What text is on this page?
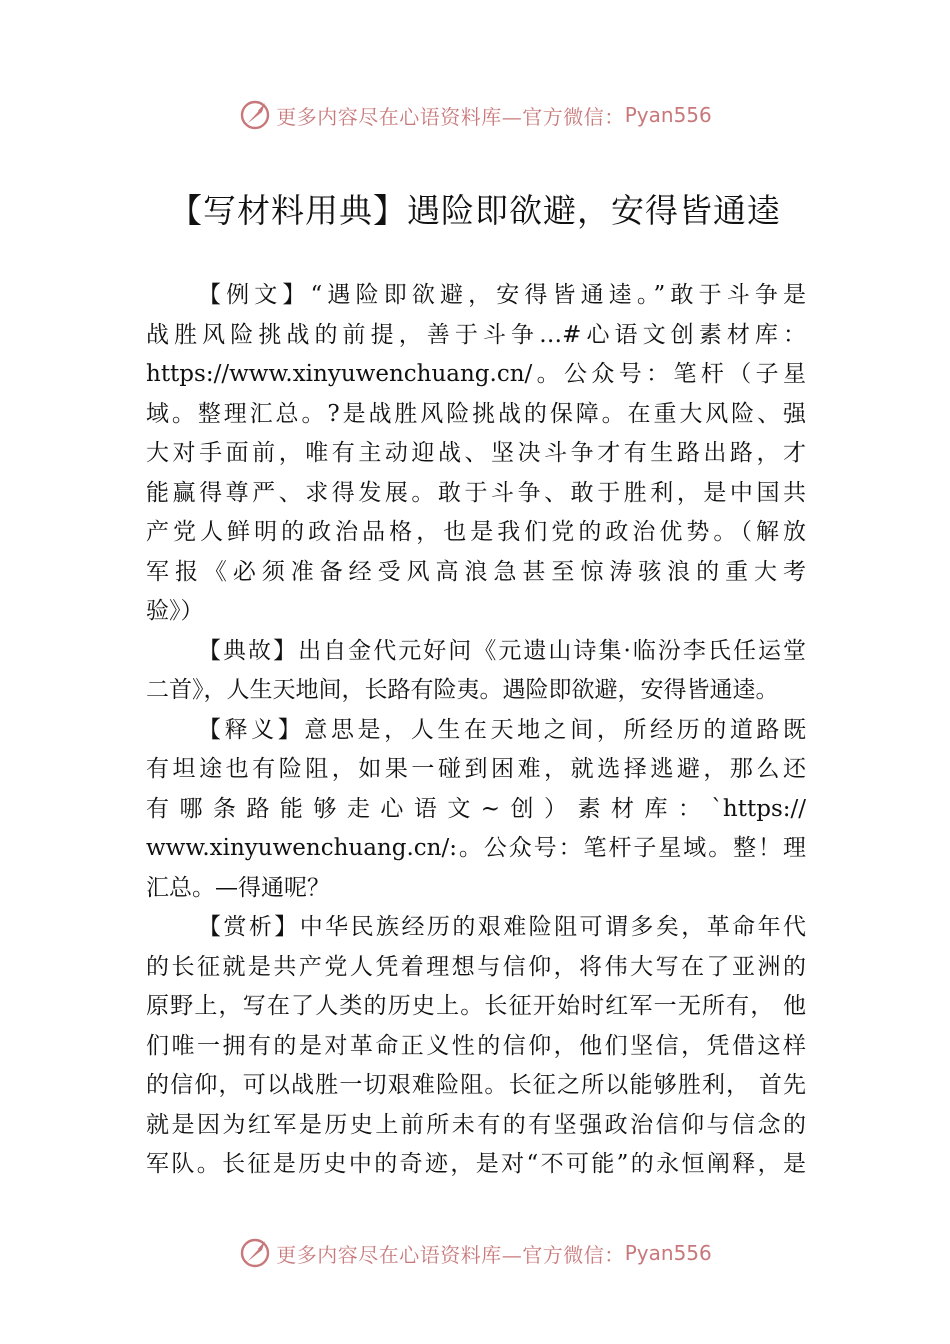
更多内容尽在心语资料库—官方微信： Pyan556
【写材料用典】遇险即欲避，安得皆通逵
【例文】“遇险即欲避，安得皆通逵。”敢于斗争是
战胜风险挑战的前提，善于斗争…#心语文创素材库：
https://www.xinyuwenchuang.cn/。公众号：笔杆（子星
域。整理汇总。?是战胜风险挑战的保障。在重大风险、强
大对手面前，唯有主动迎战、坚决斗争才有生路出路，才
能赢得尊严、求得发展。敢于斗争、敢于胜利，是中国共
产党人鲜明的政治品格，也是我们党的政治优势。（解放
军报《必须准备经受风高浪急甚至惊涛骇浪的重大考
验》）
【典故】出自金代元好问《元遗山诗集·临汾李氏任运堂
二首》，人生天地间，长路有险夷。遇险即欲避，安得皆通逵。
【释义】意思是，人生在天地之间，所经历的道路既
有坦途也有险阻，如果一碰到困难，就选择逃避，那么还
有哪条路能够走心语文~创）素材库：`https://
www.xinyuwenchuang.cn/:。公众号：笔杆子星域。整！理
汇总。—得通呢？
【赏析】中华民族经历的艰难险阻可谓多矣，革命年代
的长征就是共产党人凭着理想与信仰，将伟大写在了亚洲的
原野上，写在了人类的历史上。长征开始时红军一无所有， 他
们唯一拥有的是对革命正义性的信仰，他们坚信，凭借这样
的信仰，可以战胜一切艰难险阻。长征之所以能够胜利， 首先
就是因为红军是历史上前所未有的有坚强政治信仰与信念的
军队。长征是历史中的奇迹，是对“不可能”的永恒阐释，是
更多内容尽在心语资料库—官方微信： Pyan556
